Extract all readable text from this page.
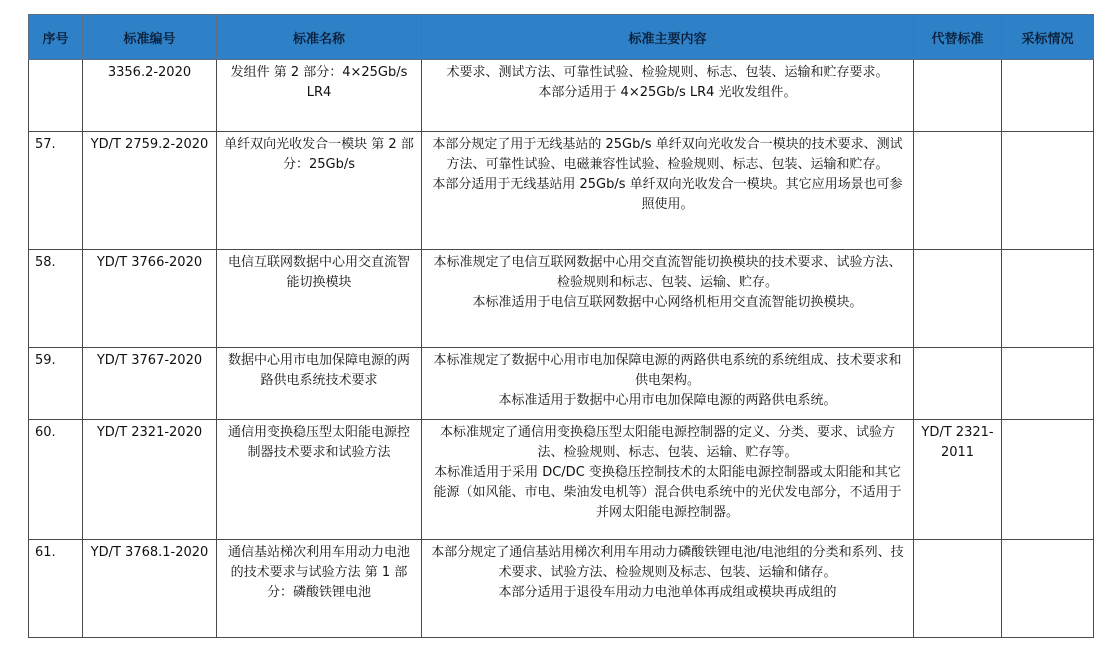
序号	标准编号	标准名称	标准主要内容	代替标准	采标情况
	3356.2-2020	发组件 第 2 部分：4×25Gb/s LR4	术要求、测试方法、可靠性试验、检验规则、标志、包装、运输和贮存要求。
本部分适用于 4×25Gb/s LR4 光收发组件。		

57.	YD/T 2759.2-2020	单纤双向光收发合一模块 第 2 部分：25Gb/s	本部分规定了用于无线基站的 25Gb/s 单纤双向光收发合一模块的技术要求、测试方法、可靠性试验、电磁兼容性试验、检验规则、标志、包装、运输和贮存。
本部分适用于无线基站用 25Gb/s 单纤双向光收发合一模块。其它应用场景也可参照使用。		

58.	YD/T 3766-2020	电信互联网数据中心用交直流智能切换模块	本标准规定了电信互联网数据中心用交直流智能切换模块的技术要求、试验方法、检验规则和标志、包装、运输、贮存。
本标准适用于电信互联网数据中心网络机柜用交直流智能切换模块。		

59.	YD/T 3767-2020	数据中心用市电加保障电源的两路供电系统技术要求	本标准规定了数据中心用市电加保障电源的两路供电系统的系统组成、技术要求和供电架构。
本标准适用于数据中心用市电加保障电源的两路供电系统。		

60.	YD/T 2321-2020	通信用变换稳压型太阳能电源控制器技术要求和试验方法	本标准规定了通信用变换稳压型太阳能电源控制器的定义、分类、要求、试验方法、检验规则、标志、包装、运输、贮存等。
本标准适用于采用 DC/DC 变换稳压控制技术的太阳能电源控制器或太阳能和其它能源（如风能、市电、柴油发电机等）混合供电系统中的光伏发电部分，不适用于并网太阳能电源控制器。	YD/T 2321-2011	
61.	YD/T 3768.1-2020	通信基站梯次利用车用动力电池的技术要求与试验方法 第 1 部分：磷酸铁锂电池	本部分规定了通信基站用梯次利用车用动力磷酸铁锂电池/电池组的分类和系列、技术要求、试验方法、检验规则及标志、包装、运输和储存。
本部分适用于退役车用动力电池单体再成组或模块再成组的		
